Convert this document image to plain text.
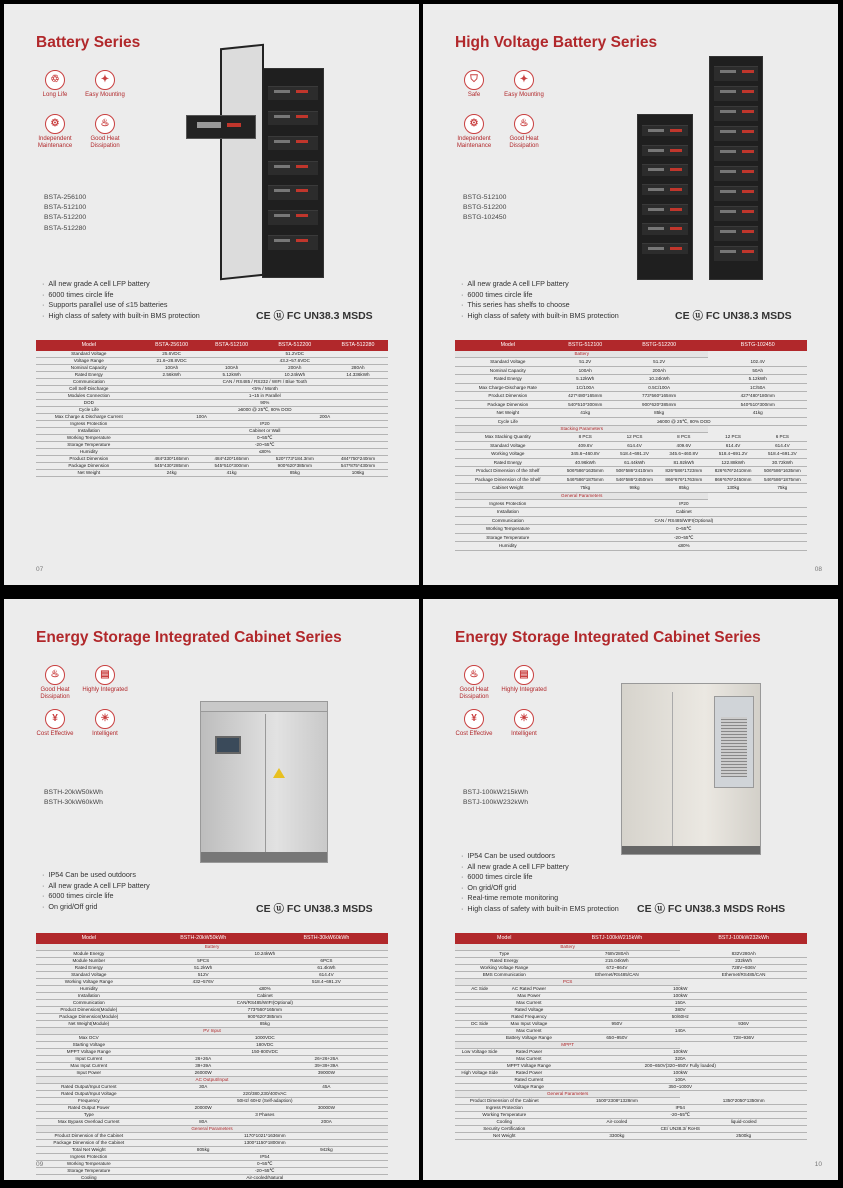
Battery Series
♲
Long Life
✦
Easy Mounting
⚙
Independent Maintenance
♨
Good Heat Dissipation
BSTA-256100
BSTA-512100
BSTA-512200
BSTA-512280
· All new grade A cell LFP battery
· 6000 times circle life
· Supports parallel use of ≤15 batteries
· High class of safety with built-in BMS protection	CE ⓤ FC UN38.3 MSDS
Model	BSTA-256100	BSTA-512100	BSTA-512200	BSTA-512280
Standard Voltage	25.6VDC	51.2VDC		
Voltage Range	21.6~28.8VDC	43.2~57.6VDC		
Nominal Capacity	100Ah	100Ah	200Ah	280Ah
Rated Energy	2.56kWh	5.12kWh	10.24kWh	14.336kWh
Communication	CAN / RS485 / RS232 / WIFI / Blue Tooth			
Cell Self-Discharge	<5% / Month			
Modules Connection	1~15 in Parallel			
DOD	90%			
Cycle Life	≥6000 @ 25℃, 80% DOD			
Max Charge & Discharge Current	100A		200A	
Ingress Protection	IP20			
Installation	Cabinet or Wall			
Working Temperature	0~55℃			
Storage Temperature	-20~55℃			
Humidity	≤80%			
Product Dimension	484*330*165mm	484*420*165mm	520*773*184.3mm	484*750*240mm
Package Dimension	545*430*285mm	545*510*300mm	900*620*385mm	547*875*430mm
Net Weight	24kg	41kg	85kg	106kg
07
High Voltage Battery Series
⛉
Safe
✦
Easy Mounting
⚙
Independent Maintenance
♨
Good Heat Dissipation
BSTG-512100
BSTG-512200
BSTG-102450
· All new grade A cell LFP battery
· 6000 times circle life
· This series has shelfs to choose
· High class of safety with built-in BMS protection	CE ⓤ FC UN38.3 MSDS
Model	BSTG-512100	BSTG-512200		BSTG-102450	
Battery					
Standard Voltage	51.2V	51.2V		102.4V	
Nominal Capacity	100Ah	200Ah		50Ah	
Rated Energy	5.12kWh	10.24kWh		5.12kWh	
Max Charge-Discharge Rate	1C/100A	0.5C/100A		1C/50A	
Product Dimension	427*480*165mm	773*560*165mm		427*480*180mm	
Package Dimension	540*510*300mm	900*620*385mm		540*510*300mm	
Net Weight	41kg	85kg		41kg	
Cycle Life	≥6000 @ 25℃, 80% DOD				
Stacking Parameters					
Max Stacking Quantity	8 PCS	12 PCS	8 PCS	12 PCS	6 PCS
Standard Voltage	409.6V	614.4V	409.6V	614.4V	614.4V
Working Voltage	345.6~460.8V	518.4~691.2V	345.6~460.8V	518.4~691.2V	518.4~691.2V
Rated Energy	40.96kWh	61.44kWh	81.92kWh	122.88kWh	30.72kWh
Product Dimension of the Shelf	506*586*1635mm	506*586*2410mm	826*586*1723mm	826*676*2410mm	506*586*1635mm
Package Dimension of the Shelf	546*586*1875mm	546*586*2450mm	866*676*1763mm	866*676*2450mm	546*586*1875mm
Cabinet Weight	75kg	98kg	85kg	130kg	75kg
General Parameters					
Ingress Protection	IP20				
Installation	Cabinet				
Communication	CAN / RS485/WIFI(Optional)				
Working Temperature	0~55℃				
Storage Temperature	-20~55℃				
Humidity	≤80%				
08
Energy Storage Integrated Cabinet Series
♨
Good Heat Dissipation
▤
Highly Integrated
¥
Cost Effective
☀
Intelligent
BSTH-20kW50kWh
BSTH-30kW60kWh
· IP54 Can be used outdoors
· All new grade A cell LFP battery
· 6000 times circle life
· On grid/Off grid	CE ⓤ FC UN38.3 MSDS
Model	BSTH-20kW50kWh	BSTH-30kW60kWh
Battery		
Module Energy	10.24kWh	
Module Number	5PCS	6PCS
Rated Energy	51.2kWh	61.4kWh
Standard Voltage	512V	614.4V
Working Voltage Range	432~576V	518.4~691.2V
Humidity	≤80%	
Installation	Cabinet	
Communication	CAN/RS485/WIFI(Optional)	
Product Dimension(Module)	773*560*165mm	
Package Dimension(Module)	900*620*385mm	
Net Weight(Module)	85kg	
PV Input		
Max OCV	1000VDC	
Starting Voltage	180VDC	
MPPT Voltage Range	150-800VDC	
Input Current	26+26A	26+26+26A
Max Input Current	39+39A	39+39+39A
Input Power	26000W	39000W
AC Output/Input		
Rated Output/Input Current	30A	45A
Rated Output/Input Voltage	220/380,230/400VAC	
Frequency	50Hz/ 60Hz (Self-adaption)	
Rated Output Power	20000W	30000W
Type	3 Phases	
Max Bypass Overload Current	80A	200A
General Parameters		
Product Dimension of the Cabinet	1170*1021*1636mm	
Package Dimension of the Cabinet	1300*1150*1800mm	
Total Net Weight	805kg	942kg
Ingress Protection	IP54	
Working Temperature	0~55℃	
Storage Temperature	-20~55℃	
Cooling	Air-cooled/Natural	
09
Energy Storage Integrated Cabinet Series
♨
Good Heat Dissipation
▤
Highly Integrated
¥
Cost Effective
☀
Intelligent
BSTJ-100kW215kWh
BSTJ-100kW232kWh
· IP54 Can be used outdoors
· All new grade A cell LFP battery
· 6000 times circle life
· On grid/Off grid
· Real-time remote monitoring
· High class of safety with built-in EMS protection CE ⓤ FC UN38.3 MSDS RoHS
Model		BSTJ-100kW215kWh	BSTJ-100kW232kWh
Battery			
Type		768V280Ah	832V280Ah
Rated Energy		215.04kWh	232kWh
Working Voltage Range		672~864V	728V~936V
BMS Communication		Ethernet/RS485/CAN	Ethernet/RS485/CAN
PCS			
AC Side	AC Rated Power	100kW	
	Max Power	100kW	
	Max Current	150A	
	Rated Voltage	380V	
	Rated Frequency	50/60Hz	
DC Side	Max Input Voltage	950V	936V
	Max Current	140A	
	Battery Voltage Range	650~950V	728~936V
MPPT			
Low Voltage Side	Rated Power	100kW	
	Max Current	320A	
	MPPT Voltage Range	200~650V(320~650V Fully loaded)	
High Voltage Side	Rated Power	100kW	
	Rated Current	100A	
	Voltage Range	350~1000V	
General Parameters			
Product Dimension of the Cabinet		1500*2308*1328mm	1350*2050*1350mm
Ingress Protection		IP54	
Working Temperature		-20~55℃	
Cooling		Air-cooled	liquid-cooled
Security Certification		CE/ UN38.3/ RoHS	
Net Weight		3300kg	2500kg
10
